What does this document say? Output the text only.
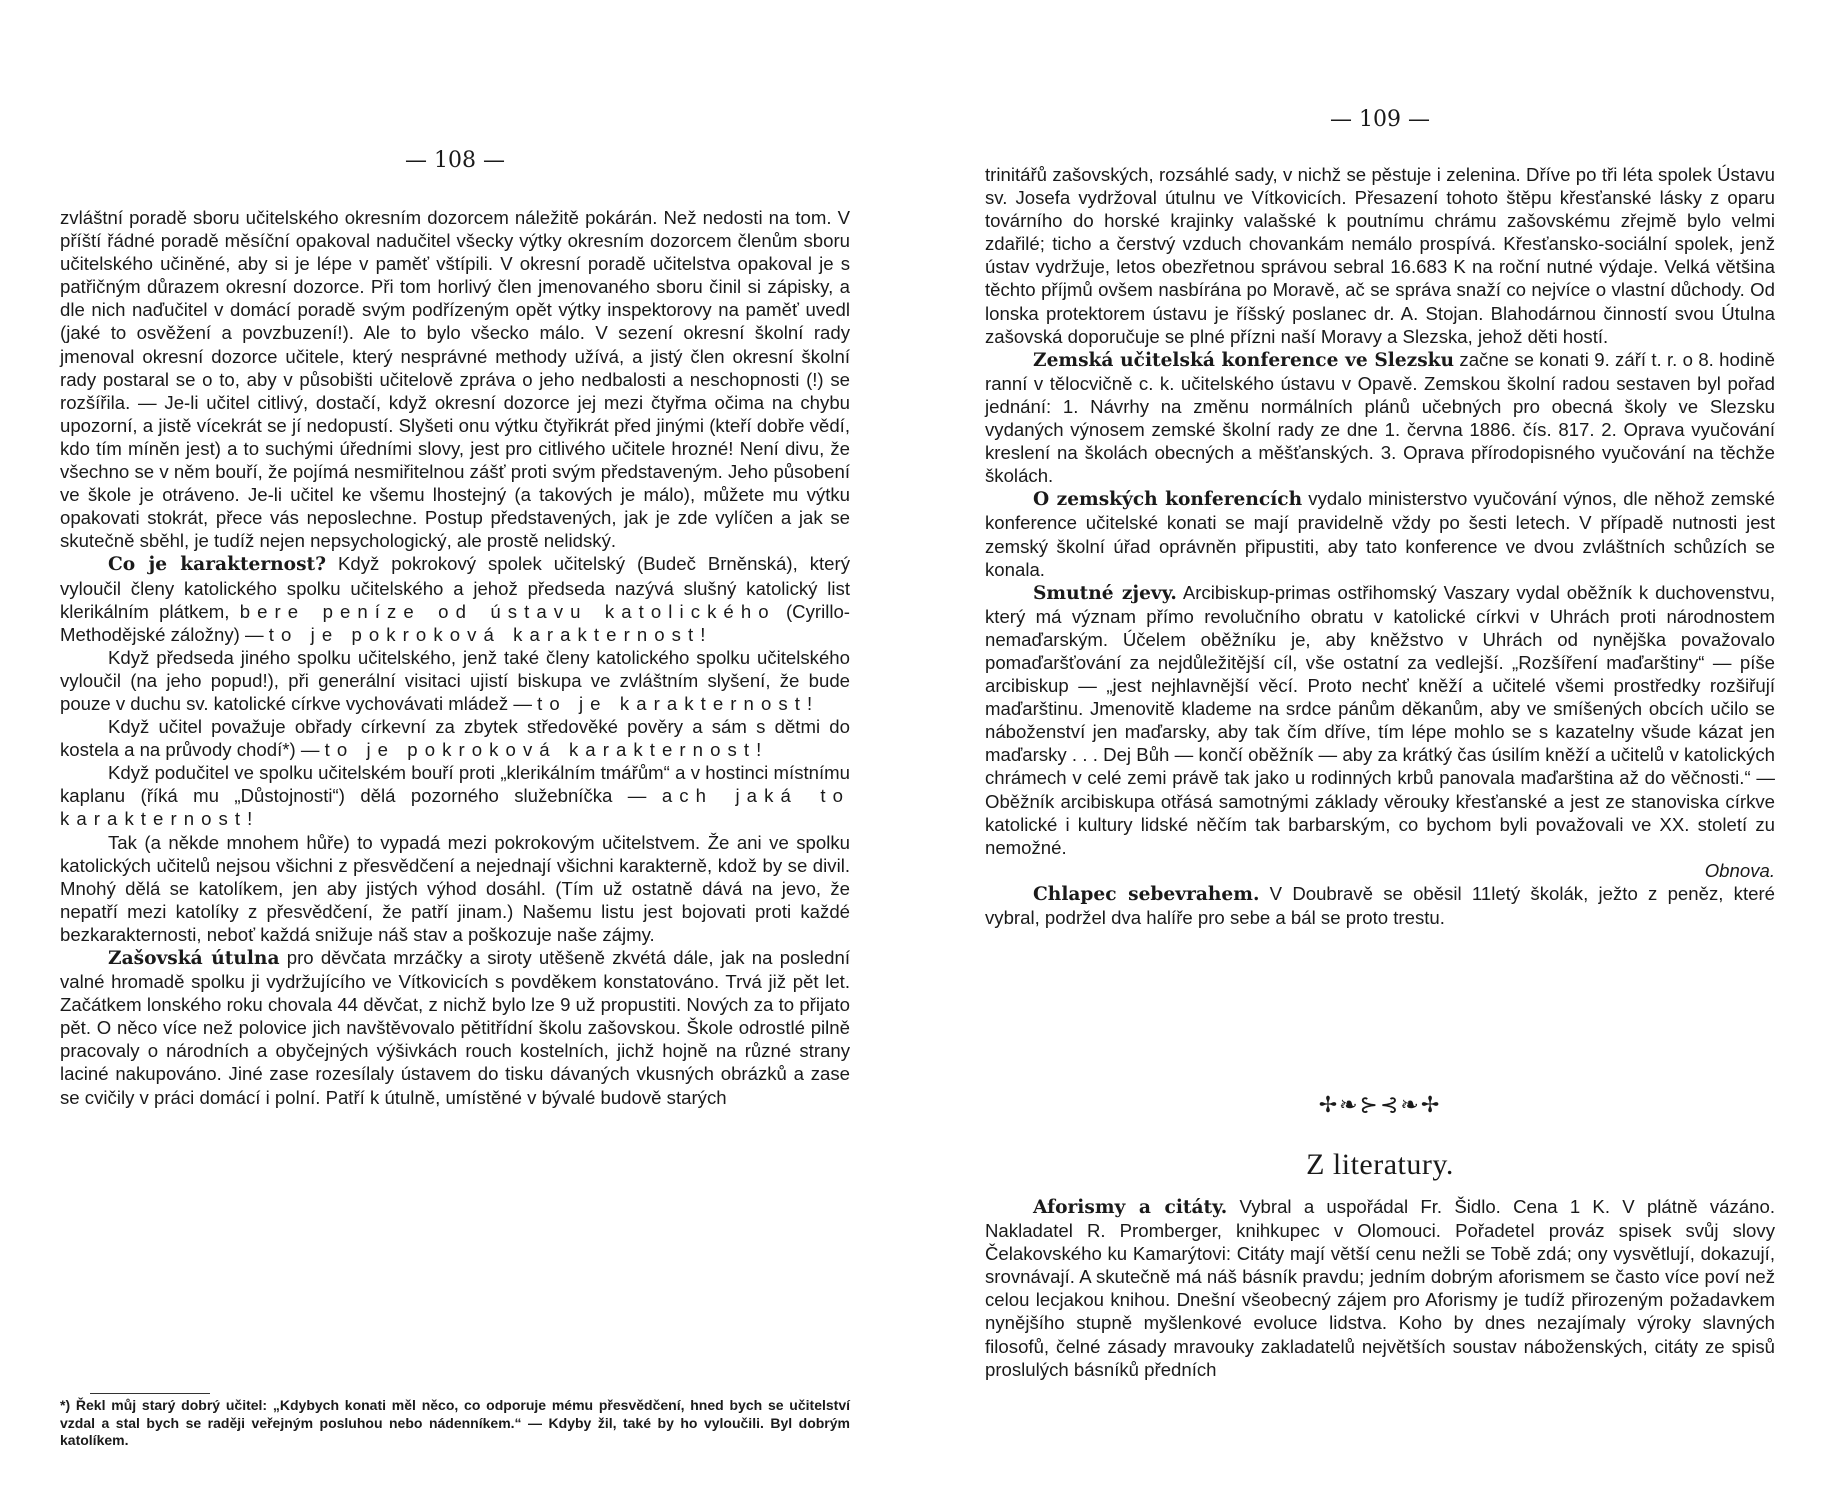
— 108 —

zvláštní poradě sboru učitelského okresním dozorcem náležitě pokárán. Než nedosti na tom. V příští řádné poradě měsíční opakoval nadučitel všecky výtky okresním dozorcem členům sboru učitelského učiněné, aby si je lépe v paměť vštípili. V okresní poradě učitelstva opakoval je s patřičným důrazem okresní dozorce. Při tom horlivý člen jmenovaného sboru činil si zápisky, a dle nich naďučitel v domácí poradě svým podřízeným opět výtky inspektorovy na paměť uvedl (jaké to osvěžení a povzbuzení!). Ale to bylo všecko málo. V sezení okresní školní rady jmenoval okresní dozorce učitele, který nesprávné methody užívá, a jistý člen okresní školní rady postaral se o to, aby v působišti učitelově zpráva o jeho nedbalosti a neschopnosti (!) se rozšířila. — Je-li učitel citlivý, dostačí, když okresní dozorce jej mezi čtyřma očima na chybu upozorní, a jistě vícekrát se jí nedopustí. Slyšeti onu výtku čtyřikrát před jinými (kteří dobře vědí, kdo tím míněn jest) a to suchými úředními slovy, jest pro citlivého učitele hrozné! Není divu, že všechno se v něm bouří, že pojímá nesmiřitelnou zášť proti svým představeným. Jeho působení ve škole je otráveno. Je-li učitel ke všemu lhostejný (a takových je málo), můžete mu výtku opakovati stokrát, přece vás neposlechne. Postup představených, jak je zde vylíčen a jak se skutečně sběhl, je tudíž nejen nepsychologický, ale prostě nelidský.

Co je karakternost? Když pokrokový spolek učitelský (Budeč Brněnská), který vyloučil členy katolického spolku učitelského a jehož předseda nazývá slušný katolický list klerikálním plátkem, bere peníze od ústavu katolického (Cyrillo-Methodějské záložny) — to je pokroková karakternost!

Když předseda jiného spolku učitelského, jenž také členy katolického spolku učitelského vyloučil (na jeho popud!), při generální visitaci ujistí biskupa ve zvláštním slyšení, že bude pouze v duchu sv. katolické církve vychovávati mládež — to je karakternost!

Když učitel považuje obřady církevní za zbytek středověké pověry a sám s dětmi do kostela a na průvody chodí*) — to je pokroková karakternost!

Když podučitel ve spolku učitelském bouří proti „klerikálním tmářům“ a v hostinci místnímu kaplanu (říká mu „Důstojnosti“) dělá pozorného služebníčka — ach jaká to karakternost!

Tak (a někde mnohem hůře) to vypadá mezi pokrokovým učitelstvem. Že ani ve spolku katolických učitelů nejsou všichni z přesvědčení a nejednají všichni karakterně, kdož by se divil. Mnohý dělá se katolíkem, jen aby jistých výhod dosáhl. (Tím už ostatně dává na jevo, že nepatří mezi katolíky z přesvědčení, že patří jinam.) Našemu listu jest bojovati proti každé bezkarakternosti, neboť každá snižuje náš stav a poškozuje naše zájmy.

Zašovská útulna pro děvčata mrzáčky a siroty utěšeně zkvétá dále, jak na poslední valné hromadě spolku ji vydržujícího ve Vítkovicích s povděkem konstatováno. Trvá již pět let. Začátkem lonského roku chovala 44 děvčat, z nichž bylo lze 9 už propustiti. Nových za to přijato pět. O něco více než polovice jich navštěvovalo pětitřídní školu zašovskou. Škole odrostlé pilně pracovaly o národních a obyčejných výšivkách rouch kostelních, jichž hojně na různé strany laciné nakupováno. Jiné zase rozesílaly ústavem do tisku dávaných vkusných obrázků a zase se cvičily v práci domácí i polní. Patří k útulně, umístěné v bývalé budově starých

*) Řekl můj starý dobrý učitel: „Kdybych konati měl něco, co odporuje mému přesvědčení, hned bych se učitelství vzdal a stal bych se raději veřejným posluhou nebo nádenníkem.“ — Kdyby žil, také by ho vyloučili. Byl dobrým katolíkem.
— 109 —

trinitářů zašovských, rozsáhlé sady, v nichž se pěstuje i zelenina. Dříve po tři léta spolek Ústavu sv. Josefa vydržoval útulnu ve Vítkovicích. Přesazení tohoto štěpu křesťanské lásky z oparu továrního do horské krajinky valašské k poutnímu chrámu zašovskému zřejmě bylo velmi zdařilé; ticho a čerstvý vzduch chovankám nemálo prospívá. Křesťansko-sociální spolek, jenž ústav vydržuje, letos obezřetnou správou sebral 16.683 K na roční nutné výdaje. Velká většina těchto příjmů ovšem nasbírána po Moravě, ač se správa snaží co nejvíce o vlastní důchody. Od lonska protektorem ústavu je říšský poslanec dr. A. Stojan. Blahodárnou činností svou Útulna zašovská doporučuje se plné přízni naší Moravy a Slezska, jehož děti hostí.

Zemská učitelská konference ve Slezsku začne se konati 9. září t. r. o 8. hodině ranní v tělocvičně c. k. učitelského ústavu v Opavě. Zemskou školní radou sestaven byl pořad jednání: 1. Návrhy na změnu normálních plánů učebných pro obecná školy ve Slezsku vydaných výnosem zemské školní rady ze dne 1. června 1886. čís. 817. 2. Oprava vyučování kreslení na školách obecných a měšťanských. 3. Oprava přírodopisného vyučování na těchže školách.

O zemských konferencích vydalo ministerstvo vyučování výnos, dle něhož zemské konference učitelské konati se mají pravidelně vždy po šesti letech. V případě nutnosti jest zemský školní úřad oprávněn připustiti, aby tato konference ve dvou zvláštních schůzích se konala.

Smutné zjevy. Arcibiskup-primas ostřihomský Vaszary vydal oběžník k duchovenstvu, který má význam přímo revolučního obratu v katolické církvi v Uhrách proti národnostem nemaďarským. Účelem oběžníku je, aby kněžstvo v Uhrách od nynějška považovalo pomaďaršťování za nejdůležitější cíl, vše ostatní za vedlejší. „Rozšíření maďarštiny“ — píše arcibiskup — „jest nejhlavnější věcí. Proto nechť kněží a učitelé všemi prostředky rozšiřují maďarštinu. Jmenovitě klademe na srdce pánům děkanům, aby ve smíšených obcích učilo se náboženství jen maďarsky, aby tak čím dříve, tím lépe mohlo se s kazatelny všude kázat jen maďarsky . . . Dej Bůh — končí oběžník — aby za krátký čas úsilím kněží a učitelů v katolických chrámech v celé zemi právě tak jako u rodinných krbů panovala maďarština až do věčnosti.“ — Oběžník arcibiskupa otřásá samotnými základy věrouky křesťanské a jest ze stanoviska církve katolické i kultury lidské něčím tak barbarským, co bychom byli považovali ve XX. století zu nemožné.

Obnova.

Chlapec sebevrahem. V Doubravě se oběsil 11letý školák, ježto z peněz, které vybral, podržel dva halíře pro sebe a bál se proto trestu.

✢❧⊱⊰❧✢
Z literatury.

Aforismy a citáty. Vybral a uspořádal Fr. Šidlo. Cena 1 K. V plátně vázáno. Nakladatel R. Promberger, knihkupec v Olomouci. Pořadetel prováz spisek svůj slovy Čelakovského ku Kamarýtovi: Citáty mají větší cenu nežli se Tobě zdá; ony vysvětlují, dokazují, srovnávají. A skutečně má náš básník pravdu; jedním dobrým aforismem se často více poví než celou lecjakou knihou. Dnešní všeobecný zájem pro Aforismy je tudíž přirozeným požadavkem nynějšího stupně myšlenkové evoluce lidstva. Koho by dnes nezajímaly výroky slavných filosofů, čelné zásady mravouky zakladatelů největších soustav náboženských, citáty ze spisů proslulých básníků předních
